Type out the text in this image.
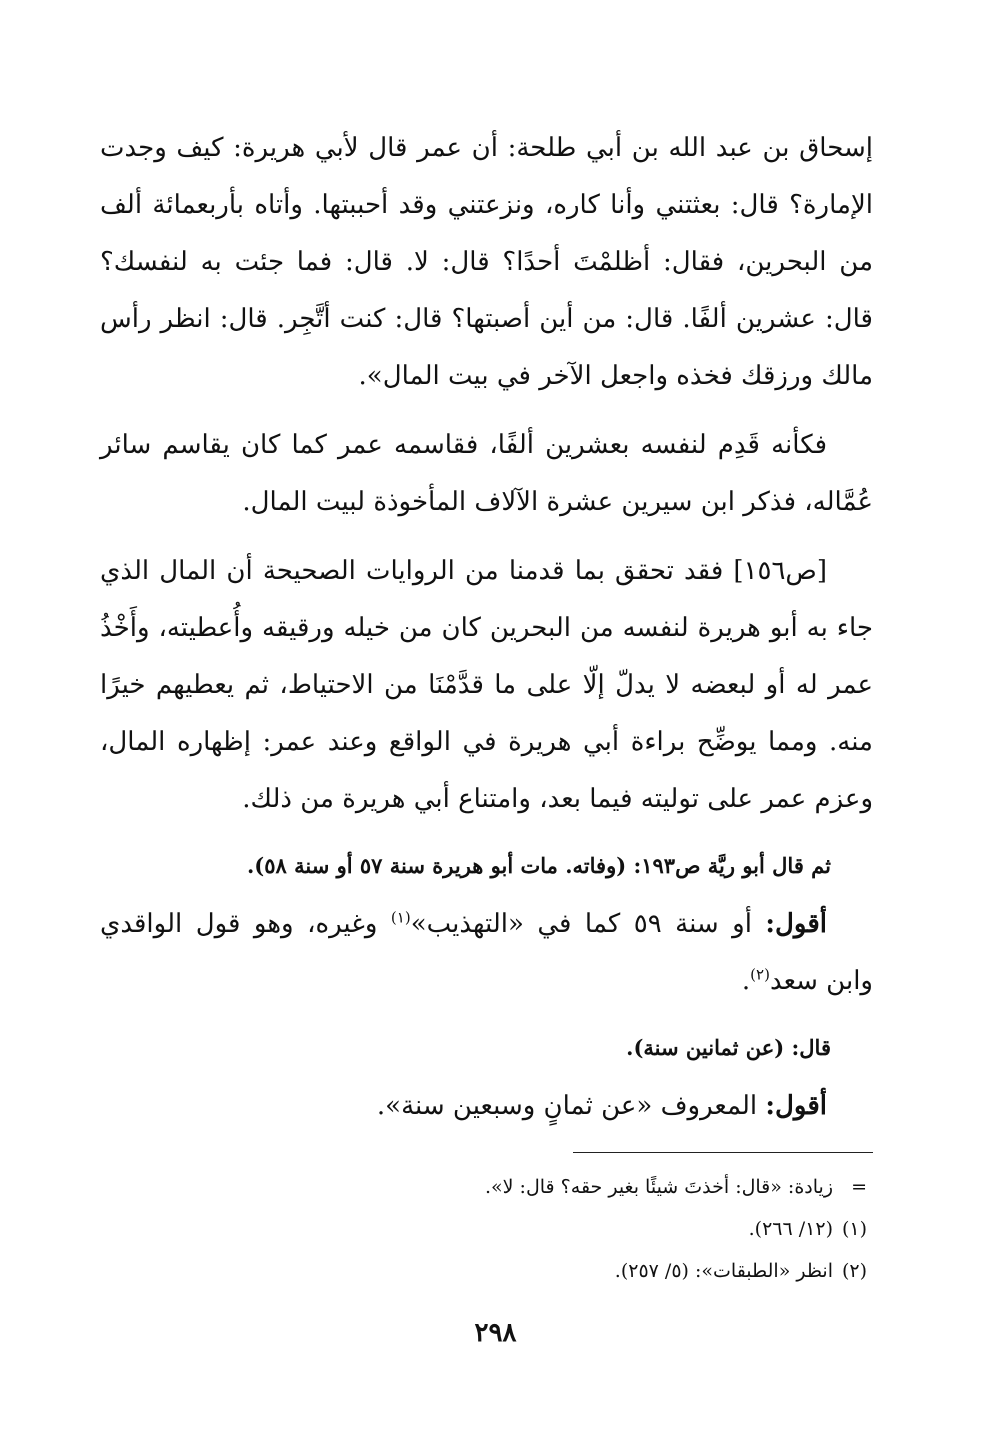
إسحاق بن عبد الله بن أبي طلحة: أن عمر قال لأبي هريرة: كيف وجدت الإمارة؟ قال: بعثتني وأنا كاره، ونزعتني وقد أحببتها. وأتاه بأربعمائة ألف من البحرين، فقال: أظلمْتَ أحدًا؟ قال: لا. قال: فما جئت به لنفسك؟ قال: عشرين ألفًا. قال: من أين أصبتها؟ قال: كنت أتَّجِر. قال: انظر رأس مالك ورزقك فخذه واجعل الآخر في بيت المال».

فكأنه قَدِم لنفسه بعشرين ألفًا، فقاسمه عمر كما كان يقاسم سائر عُمَّاله، فذكر ابن سيرين عشرة الآلاف المأخوذة لبيت المال.

[ص١٥٦] فقد تحقق بما قدمنا من الروايات الصحيحة أن المال الذي جاء به أبو هريرة لنفسه من البحرين كان من خيله ورقيقه وأُعطيته، وأَخْذُ عمر له أو لبعضه لا يدلّ إلّا على ما قدَّمْنَا من الاحتياط، ثم يعطيهم خيرًا منه. ومما يوضِّح براءة أبي هريرة في الواقع وعند عمر: إظهاره المال، وعزم عمر على توليته فيما بعد، وامتناع أبي هريرة من ذلك.

ثم قال أبو ريَّة ص١٩٣: (وفاته. مات أبو هريرة سنة ٥٧ أو سنة ٥٨).

أقول: أو سنة ٥٩ كما في «التهذيب»$^{(١)}$ وغيره، وهو قول الواقدي وابن سعد$^{(٢)}$.

قال: (عن ثمانين سنة).

أقول: المعروف «عن ثمانٍ وسبعين سنة».

=
زيادة: «قال: أخذتَ شيئًا بغير حقه؟ قال: لا».
(١)
(١٢/ ٢٦٦).
(٢)
انظر «الطبقات»: (٥/ ٢٥٧).
٢٩٨
